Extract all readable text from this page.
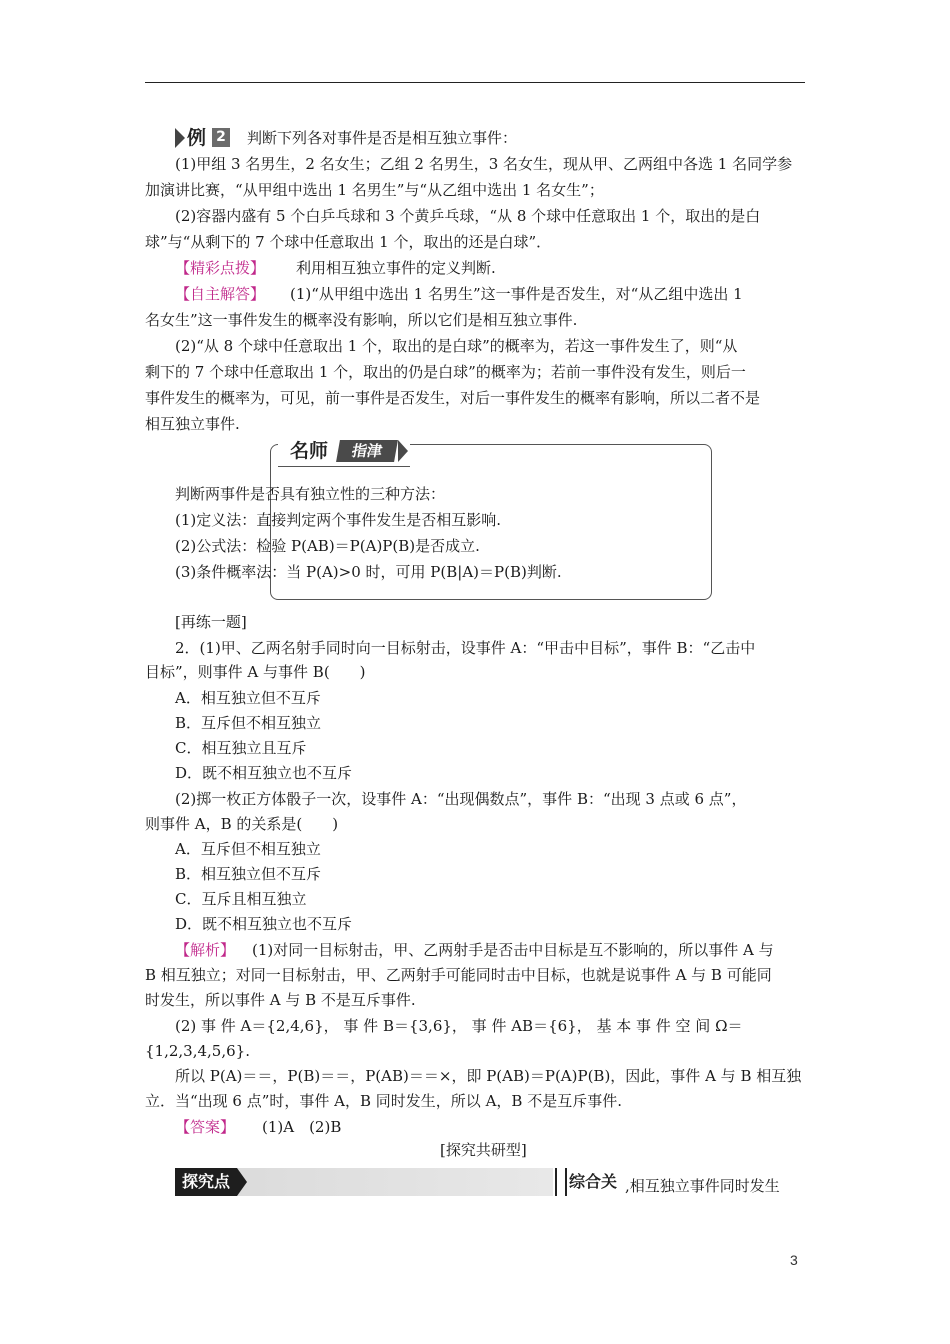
例 2 判断下列各对事件是否是相互独立事件：
(1)甲组 3 名男生，2 名女生；乙组 2 名男生，3 名女生，现从甲、乙两组中各选 1 名同学参
加演讲比赛，“从甲组中选出 1 名男生”与“从乙组中选出 1 名女生”；
(2)容器内盛有 5 个白乒乓球和 3 个黄乒乓球，“从 8 个球中任意取出 1 个，取出的是白
球”与“从剩下的 7 个球中任意取出 1 个，取出的还是白球”．
【精彩点拨】 利用相互独立事件的定义判断.
【自主解答】 (1)“从甲组中选出 1 名男生”这一事件是否发生，对“从乙组中选出 1
名女生”这一事件发生的概率没有影响，所以它们是相互独立事件.
(2)“从 8 个球中任意取出 1 个，取出的是白球”的概率为，若这一事件发生了，则“从
剩下的 7 个球中任意取出 1 个，取出的仍是白球”的概率为；若前一事件没有发生，则后一
事件发生的概率为，可见，前一事件是否发生，对后一事件发生的概率有影响，所以二者不是
相互独立事件.
名师	指津
判断两事件是否具有独立性的三种方法：
(1)定义法：直接判定两个事件发生是否相互影响.
(2)公式法：检验 P(AB)＝P(A)P(B)是否成立.
(3)条件概率法：当 P(A)>0 时，可用 P(B|A)＝P(B)判断.
[再练一题]
2．(1)甲、乙两名射手同时向一目标射击，设事件 A：“甲击中目标”，事件 B：“乙击中
目标”，则事件 A 与事件 B(　　)
A．相互独立但不互斥
B．互斥但不相互独立
C．相互独立且互斥
D．既不相互独立也不互斥
(2)掷一枚正方体骰子一次，设事件 A：“出现偶数点”，事件 B：“出现 3 点或 6 点”，
则事件 A，B 的关系是(　　)
A．互斥但不相互独立
B．相互独立但不互斥
C．互斥且相互独立
D．既不相互独立也不互斥
【解析】 (1)对同一目标射击，甲、乙两射手是否击中目标是互不影响的，所以事件 A 与
B 相互独立；对同一目标射击，甲、乙两射手可能同时击中目标，也就是说事件 A 与 B 可能同
时发生，所以事件 A 与 B 不是互斥事件.
(2) 事 件 A＝{2,4,6}， 事 件 B＝{3,6}， 事 件 AB＝{6}， 基 本 事 件 空 间 Ω＝
{1,2,3,4,5,6}.
所以 P(A)＝＝，P(B)＝＝，P(AB)＝＝×，即 P(AB)＝P(A)P(B)，因此，事件 A 与 B 相互独
立．当“出现 6 点”时，事件 A，B 同时发生，所以 A，B 不是互斥事件.
【答案】 (1)A　(2)B
[探究共研型]
探究点	综合关 ,相互独立事件同时发生
3
